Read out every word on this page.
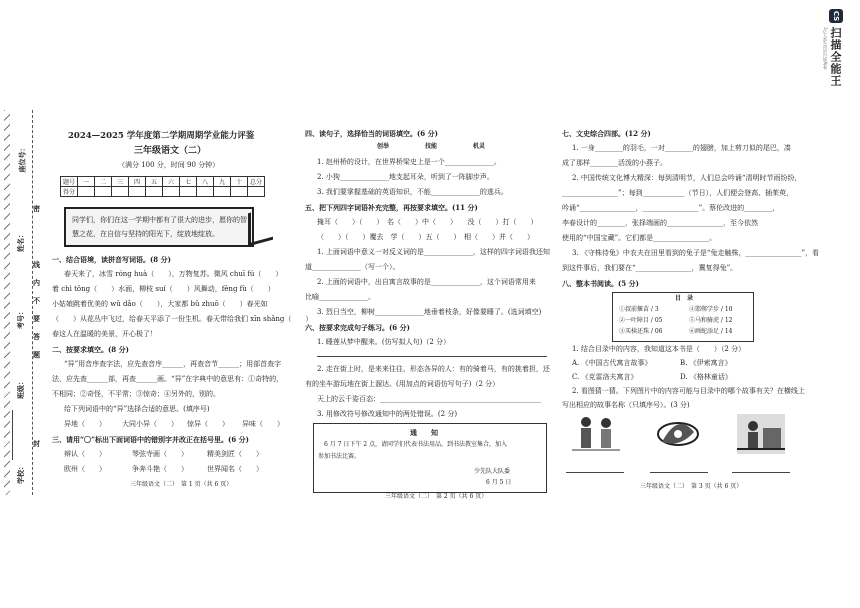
CS
扫描全能王
3亿人都在用的扫描App
学校：
班级：
考号：
姓名：
座位号：
线
内
不
要
答
题
密
封
2024—2025 学年度第二学期周期学业能力评鉴
三年级语文（二）
（满分 100 分，时间 90 分钟）
题号	一	二	三	四	五	六	七	八	九	十	总分
得分											
同学们，你们在这一学期中都有了很大的进步，愿你的智
慧之花，在自信与坚持的阳光下，绽放地绽放。
一、结合语境，读拼音写词语。(8 分)
春天来了，冰雪 róng huà（　　），万物复苏。微风 chuī fú（　　）
着 chì tǒng（　　）水面，柳枝 suí（　　）风舞动，fēng fù（　　）
小姑娘跳着优美的 wǔ dǎo（　　），大家都 bǔ zhuō（　　）春光如
（　　）从花丛中飞过，给春天平添了一份生机。春天带给我们 xīn shǎng（　　）
春这人在温暖的美景，开心极了！
二、按要求填空。(8 分)
“异”用音序查字法，应先查音序______，再查音节______；用部首查字
法，应先查______部，再查______画。“异”在字典中的意思有：①奇特的，
不相同；②奇怪，不平常；③惊奇；④另外的，别的。
给下列词语中的“异”选择合适的意思。(填序号)
异地（　　） 大同小异（　　） 惊异（　　） 异味（　　）
三、请用“〇”标出下面词语中的错别字并改正在括号里。(6 分)
辩认（　　）	琴弦寺画（　　）	精美剑匠（　　）
欧州（　　）	争奔斗艳（　　）	世界闻名（　　）
三年级语文（二）　第 1 页（共 6 页）
四、读句子，选择恰当的词语填空。(6 分)
创举	技能	机灵
1. 赵州桥的设计，在世界桥梁史上是一个______________。
2. 小狗______________地支起耳朵，听到了一阵脚步声。
3. 我们要掌握基础的英语知识，不能______________的逃兵。
五、把下列四字词语补充完整，再按要求填空。(11 分)
掩耳（　　）（　　）　名（　　）中（　　）　　没（　　）打（　　）
（　　）（　　）覆去　学（　　）五（　　）　相（　　）并（　　）
1. 上面词语中意义一对反义词的是______________，这样的四字词语我还知
道______________（写一个）。
2. 上面的词语中，出自寓言故事的是______________，这个词语常用来
比喻______________。
3. 烈日当空，柳树______________地垂着枝条，好像要睡了。(选词填空)
六、按要求完成句子练习。(6 分)
1. 睡莲从梦中醒来。(仿写拟人句)（2 分）
2. 走在街上时，是来来往往、形态各异的人：有的骑着马，有的挑着担，还
有的坐车游玩地在街上溜达。(用加点的词语仿写句子)（2 分）
天上的云千姿百态：______________________________________________
3. 用修改符号修改通知中的两处错误。(2 分)
通　　知
6 月 7 日下午 2 点，请同学们代表书法用品，到书法教室集合，加入
参加书法比赛。
少先队大队委
6 月 5 日
三年级语文（二）　第 2 页（共 6 页）
七、文史综合四部。(12 分)
1. 一身________的羽毛，一对________的翅膀，加上剪刀似的尾巴，凑
成了那样________活泼的小燕子。
2. 中国传统文化博大精深：每到清明节，人们总会吟诵“清明时节雨纷纷，
________________”；每到____________（节日），人们便会登高、插茱萸，
吟诵“________________，________________”。蔡伦改进的________，
李春设计的________，张择端画的________________，至今依然
使用的“中国宝藏”。它们都是________________。
3. 《守株待兔》中农夫在田里看到的兔子是“兔走触株，________________”，看
到这件事后，我们要在“________________，冀复得兔”。
八、整本书阅读。(5 分)
目　录
①叔前揠苗 / 3
②一叶障目 / 05
③买椟还珠 / 06
④邯郸学步 / 10
⑤马和骑虎 / 12
⑥画蛇添足 / 14
1. 结合目录中的内容，我知道这本书是（　　）（2 分）
A. 《中国古代寓言故事》	B. 《伊索寓言》
C. 《克雷洛夫寓言》	D. 《格林童话》
2. 看图猜一猜。下列图片中的内容可能与目录中的哪个故事有关？在横线上
写出相应的故事名称（只填序号）。(3 分)
三年级语文（二）　第 3 页（共 6 页）
